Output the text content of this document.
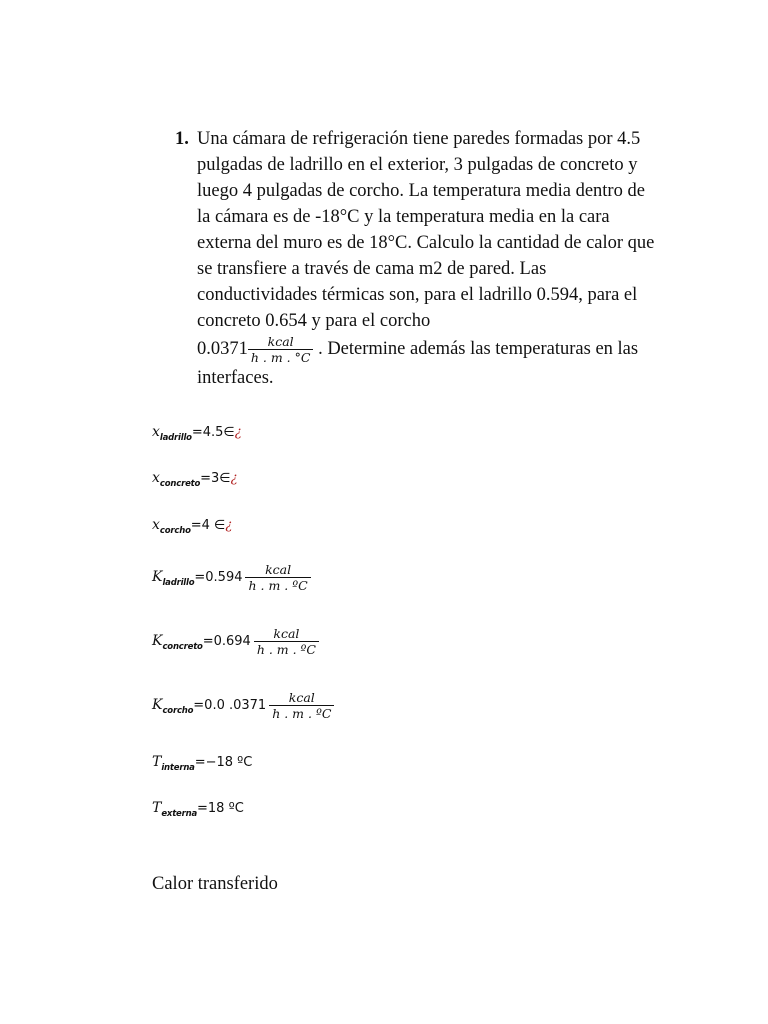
1. Una cámara de refrigeración tiene paredes formadas por 4.5 pulgadas de ladrillo en el exterior, 3 pulgadas de concreto y luego 4 pulgadas de corcho. La temperatura media dentro de la cámara es de -18°C y la temperatura media en la cara externa del muro es de 18°C. Calculo la cantidad de calor que se transfiere a través de cama m2 de pared. Las conductividades térmicas son, para el ladrillo 0.594, para el concreto 0.654 y para el corcho
$0.0371 \frac{\text{kcal}}{h . m . ^\circ C}$ . Determine además las temperaturas en las interfaces.
$x_{ladrillo}=4.5\in¿$
$x_{concreto}=3\in¿$
$x_{corcho}=4$ ∈¿
$K_{ladrillo}=0.594 \frac{\text{kcal}}{\text{h . m . ºC}}$
$K_{concreto}=0.694 \frac{\text{kcal}}{\text{h . m . ºC}}$
$K_{corcho}=0.0$ $.0371 \frac{\text{kcal}}{\text{h . m . ºC}}$
$T_{interna}=-18$ ºC
$T_{externa}=18$ ºC
Calor transferido
